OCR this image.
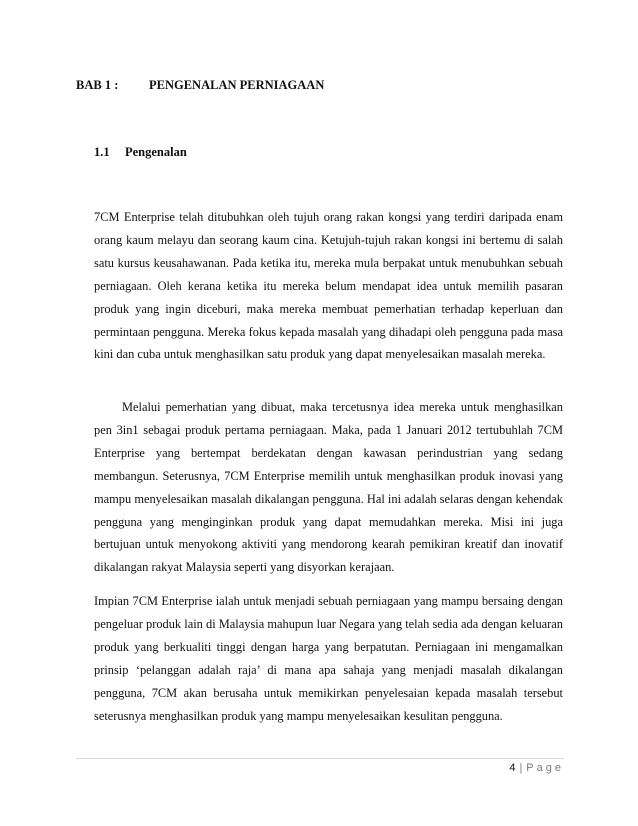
BAB 1 : PENGENALAN PERNIAGAAN
1.1 Pengenalan

7CM Enterprise telah ditubuhkan oleh tujuh orang rakan kongsi yang terdiri daripada enam orang kaum melayu dan seorang kaum cina. Ketujuh-tujuh rakan kongsi ini bertemu di salah satu kursus keusahawanan. Pada ketika itu, mereka mula berpakat untuk menubuhkan sebuah perniagaan. Oleh kerana ketika itu mereka belum mendapat idea untuk memilih pasaran produk yang ingin diceburi, maka mereka membuat pemerhatian terhadap keperluan dan permintaan pengguna. Mereka fokus kepada masalah yang dihadapi oleh pengguna pada masa kini dan cuba untuk menghasilkan satu produk yang dapat menyelesaikan masalah mereka.

Melalui pemerhatian yang dibuat, maka tercetusnya idea mereka untuk menghasilkan pen 3in1 sebagai produk pertama perniagaan. Maka, pada 1 Januari 2012 tertubuhlah 7CM Enterprise yang bertempat berdekatan dengan kawasan perindustrian yang sedang membangun. Seterusnya, 7CM Enterprise memilih untuk menghasilkan produk inovasi yang mampu menyelesaikan masalah dikalangan pengguna. Hal ini adalah selaras dengan kehendak pengguna yang menginginkan produk yang dapat memudahkan mereka. Misi ini juga bertujuan untuk menyokong aktiviti yang mendorong kearah pemikiran kreatif dan inovatif dikalangan rakyat Malaysia seperti yang disyorkan kerajaan.

Impian 7CM Enterprise ialah untuk menjadi sebuah perniagaan yang mampu bersaing dengan pengeluar produk lain di Malaysia mahupun luar Negara yang telah sedia ada dengan keluaran produk yang berkualiti tinggi dengan harga yang berpatutan. Perniagaan ini mengamalkan prinsip ‘pelanggan adalah raja’ di mana apa sahaja yang menjadi masalah dikalangan pengguna, 7CM akan berusaha untuk memikirkan penyelesaian kepada masalah tersebut seterusnya menghasilkan produk yang mampu menyelesaikan kesulitan pengguna.

4 | Page
